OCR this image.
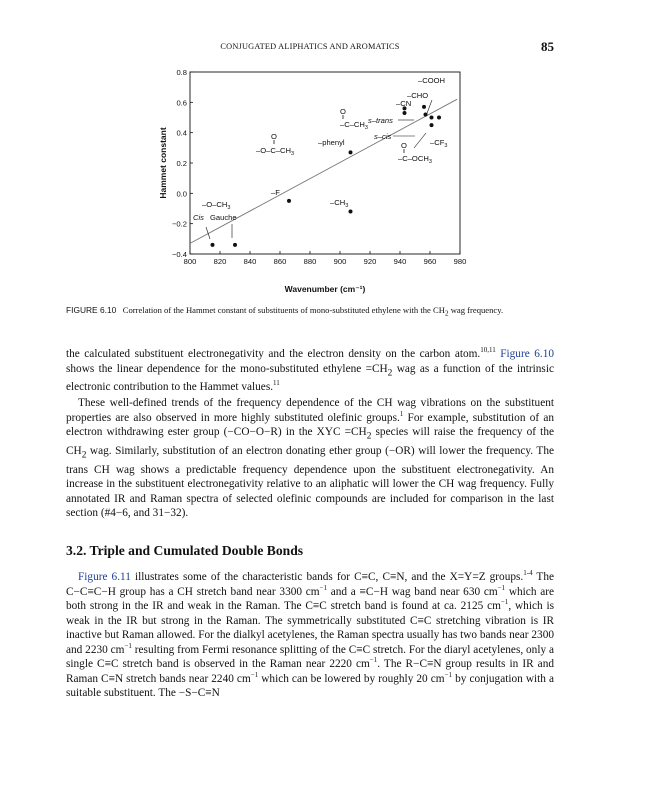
CONJUGATED ALIPHATICS AND AROMATICS	85
800 820 840 860 880 900 920 940 960 980
0.8
0.6
0.4
0.2
0.0
−0.2
−0.4
Wavenumber (cm⁻¹)
Hammet constant
–COOH
–CHO
–CN
O
‖
$-C-CH_3$
s–trans
s–cis
$-CF_3$
O
‖
$-C-OCH_3$
–phenyl
O
‖
$-O-C-CH_3$
–F
$-CH_3$
$-O-CH_3$
Cis Gauche
FIGURE 6.10 Correlation of the Hammet constant of substituents of mono-substituted ethylene with the $CH_2$ wag frequency.
the calculated substituent electronegativity and the electron density on the carbon atom.$^{10,11}$ Figure 6.10 shows the linear dependence for the mono-substituted ethylene $=CH_2$ wag as a function of the intrinsic electronic contribution to the Hammet values.$^{11}$
These well-defined trends of the frequency dependence of the CH wag vibrations on the substituent properties are also observed in more highly substituted olefinic groups.$^1$ For example, substitution of an electron withdrawing ester group (−CO−O−R) in the XYC $=CH_2$ species will raise the frequency of the $CH_2$ wag. Similarly, substitution of an electron donating ether group (−OR) will lower the frequency. The trans CH wag shows a predictable frequency dependence upon the substituent electronegativity. An increase in the substituent electronegativity relative to an aliphatic will lower the CH wag frequency. Fully annotated IR and Raman spectra of selected olefinic compounds are included for comparison in the last section (#4−6, and 31−32).
3.2. Triple and Cumulated Double Bonds
Figure 6.11 illustrates some of the characteristic bands for C≡C, C≡N, and the X=Y=Z groups.$^{1-4}$ The C−C≡C−H group has a CH stretch band near 3300 $cm^{-1}$ and a ≡C−H wag band near 630 $cm^{-1}$ which are both strong in the IR and weak in the Raman. The C≡C stretch band is found at ca. 2125 $cm^{-1}$, which is weak in the IR but strong in the Raman. The symmetrically substituted C≡C stretching vibration is IR inactive but Raman allowed. For the dialkyl acetylenes, the Raman spectra usually has two bands near 2300 and 2230 $cm^{-1}$ resulting from Fermi resonance splitting of the C≡C stretch. For the diaryl acetylenes, only a single C≡C stretch band is observed in the Raman near 2220 $cm^{-1}$. The R−C≡N group results in IR and Raman C≡N stretch bands near 2240 $cm^{-1}$ which can be lowered by roughly 20 $cm^{-1}$ by conjugation with a suitable substituent. The −S−C≡N
